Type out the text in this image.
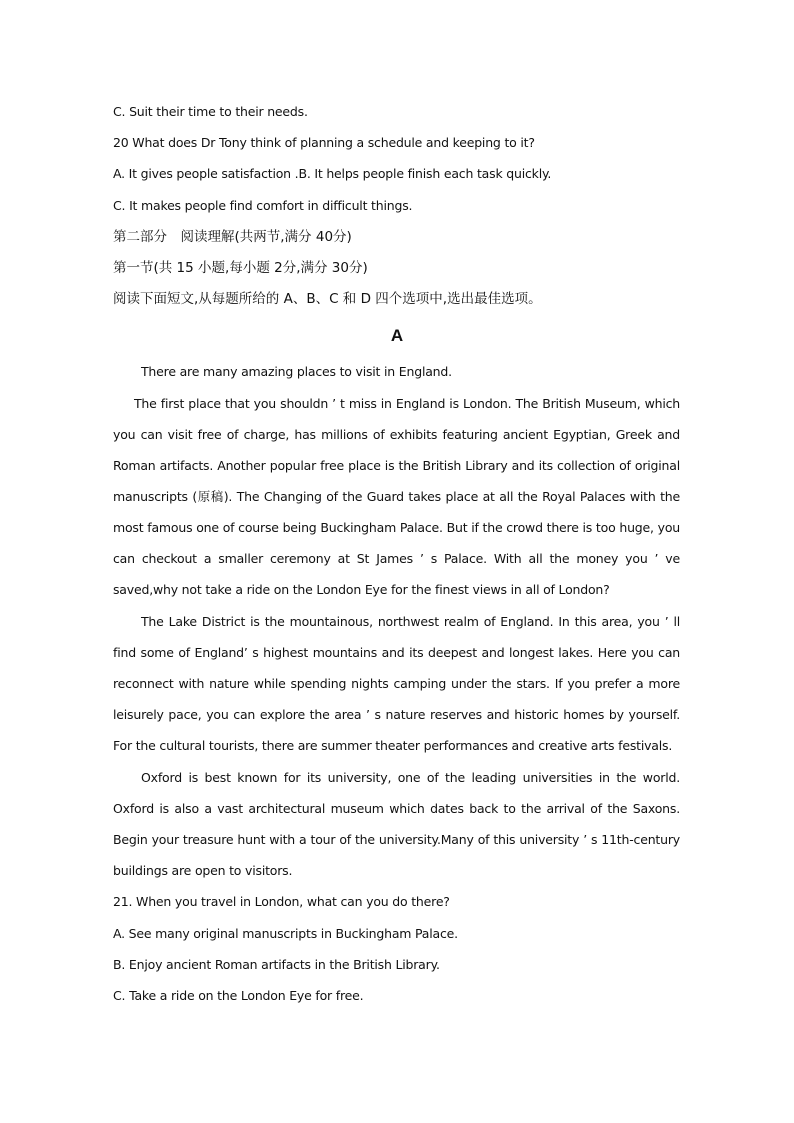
C. Suit their time to their needs.
20 What does Dr Tony think of planning a schedule and keeping to it?
A. It gives people satisfaction .B. It helps people finish each task quickly.
C. It makes people find comfort in difficult things.
第二部分　阅读理解(共两节,满分 40分)
第一节(共 15 小题,每小题 2分,满分 30分)
阅读下面短文,从每题所给的 A、B、C 和 D 四个选项中,选出最佳选项。
A
There are many amazing places to visit in England.
The first place that you shouldn ’ t miss in England is London. The British Museum, which you can visit free of charge, has millions of exhibits featuring ancient Egyptian, Greek and Roman artifacts. Another popular free place is the British Library and its collection of original manuscripts (原稿). The Changing of the Guard takes place at all the Royal Palaces with the most famous one of course being Buckingham Palace. But if the crowd there is too huge, you can checkout a smaller ceremony at St James ’ s Palace. With all the money you ’ ve saved,why not take a ride on the London Eye for the finest views in all of London?
The Lake District is the mountainous, northwest realm of England. In this area, you ’ ll find some of England’ s highest mountains and its deepest and longest lakes. Here you can reconnect with nature while spending nights camping under the stars. If you prefer a more leisurely pace, you can explore the area ’ s nature reserves and historic homes by yourself. For the cultural tourists, there are summer theater performances and creative arts festivals.
Oxford is best known for its university, one of the leading universities in the world. Oxford is also a vast architectural museum which dates back to the arrival of the Saxons. Begin your treasure hunt with a tour of the university.Many of this university ’ s 11th-century buildings are open to visitors.
21. When you travel in London, what can you do there?
A. See many original manuscripts in Buckingham Palace.
B. Enjoy ancient Roman artifacts in the British Library.
C. Take a ride on the London Eye for free.
